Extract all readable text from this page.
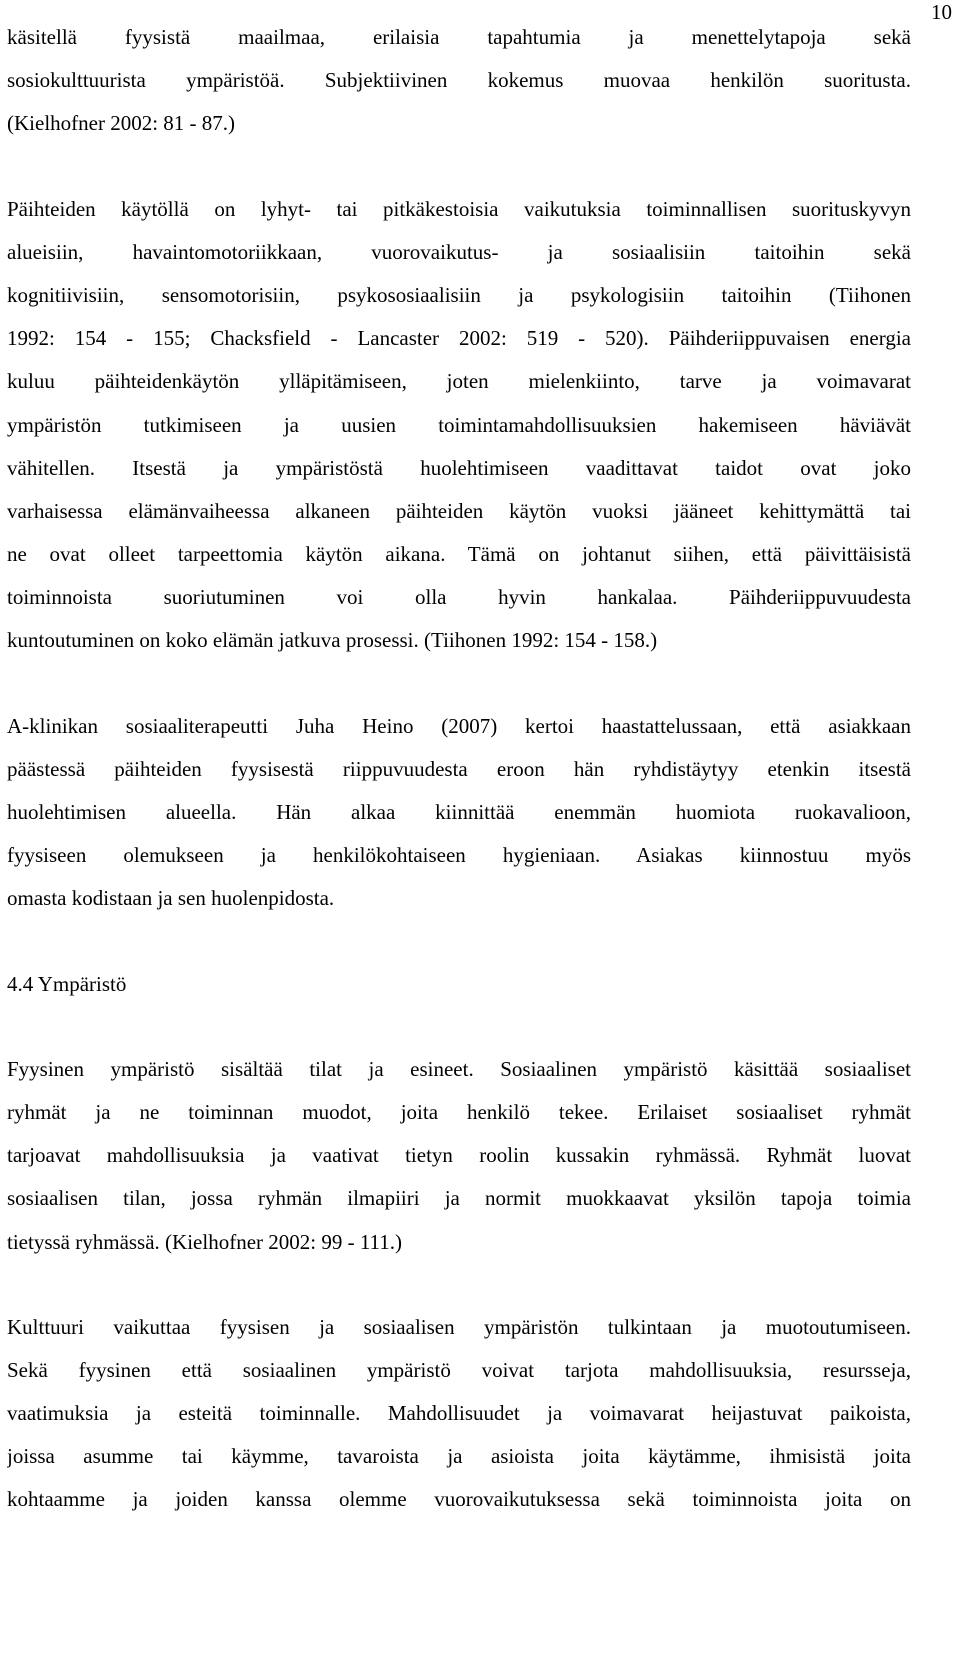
10
käsitellä fyysistä maailmaa, erilaisia tapahtumia ja menettelytapoja sekä
sosiokulttuurista ympäristöä. Subjektiivinen kokemus muovaa henkilön suoritusta.
(Kielhofner 2002: 81 - 87.)
Päihteiden käytöllä on lyhyt- tai pitkäkestoisia vaikutuksia toiminnallisen suorituskyvyn
alueisiin, havaintomotoriikkaan, vuorovaikutus- ja sosiaalisiin taitoihin sekä
kognitiivisiin, sensomotorisiin, psykososiaalisiin ja psykologisiin taitoihin (Tiihonen
1992: 154 - 155; Chacksfield - Lancaster 2002: 519 - 520). Päihderiippuvaisen energia
kuluu päihteidenkäytön ylläpitämiseen, joten mielenkiinto, tarve ja voimavarat
ympäristön tutkimiseen ja uusien toimintamahdollisuuksien hakemiseen häviävät
vähitellen. Itsestä ja ympäristöstä huolehtimiseen vaadittavat taidot ovat joko
varhaisessa elämänvaiheessa alkaneen päihteiden käytön vuoksi jääneet kehittymättä tai
ne ovat olleet tarpeettomia käytön aikana. Tämä on johtanut siihen, että päivittäisistä
toiminnoista suoriutuminen voi olla hyvin hankalaa. Päihderiippuvuudesta
kuntoutuminen on koko elämän jatkuva prosessi. (Tiihonen 1992: 154 - 158.)
A-klinikan sosiaaliterapeutti Juha Heino (2007) kertoi haastattelussaan, että asiakkaan
päästessä päihteiden fyysisestä riippuvuudesta eroon hän ryhdistäytyy etenkin itsestä
huolehtimisen alueella. Hän alkaa kiinnittää enemmän huomiota ruokavalioon,
fyysiseen olemukseen ja henkilökohtaiseen hygieniaan. Asiakas kiinnostuu myös
omasta kodistaan ja sen huolenpidosta.
4.4 Ympäristö
Fyysinen ympäristö sisältää tilat ja esineet. Sosiaalinen ympäristö käsittää sosiaaliset
ryhmät ja ne toiminnan muodot, joita henkilö tekee. Erilaiset sosiaaliset ryhmät
tarjoavat mahdollisuuksia ja vaativat tietyn roolin kussakin ryhmässä. Ryhmät luovat
sosiaalisen tilan, jossa ryhmän ilmapiiri ja normit muokkaavat yksilön tapoja toimia
tietyssä ryhmässä. (Kielhofner 2002: 99 - 111.)
Kulttuuri vaikuttaa fyysisen ja sosiaalisen ympäristön tulkintaan ja muotoutumiseen.
Sekä fyysinen että sosiaalinen ympäristö voivat tarjota mahdollisuuksia, resursseja,
vaatimuksia ja esteitä toiminnalle. Mahdollisuudet ja voimavarat heijastuvat paikoista,
joissa asumme tai käymme, tavaroista ja asioista joita käytämme, ihmisistä joita
kohtaamme ja joiden kanssa olemme vuorovaikutuksessa sekä toiminnoista joita on
